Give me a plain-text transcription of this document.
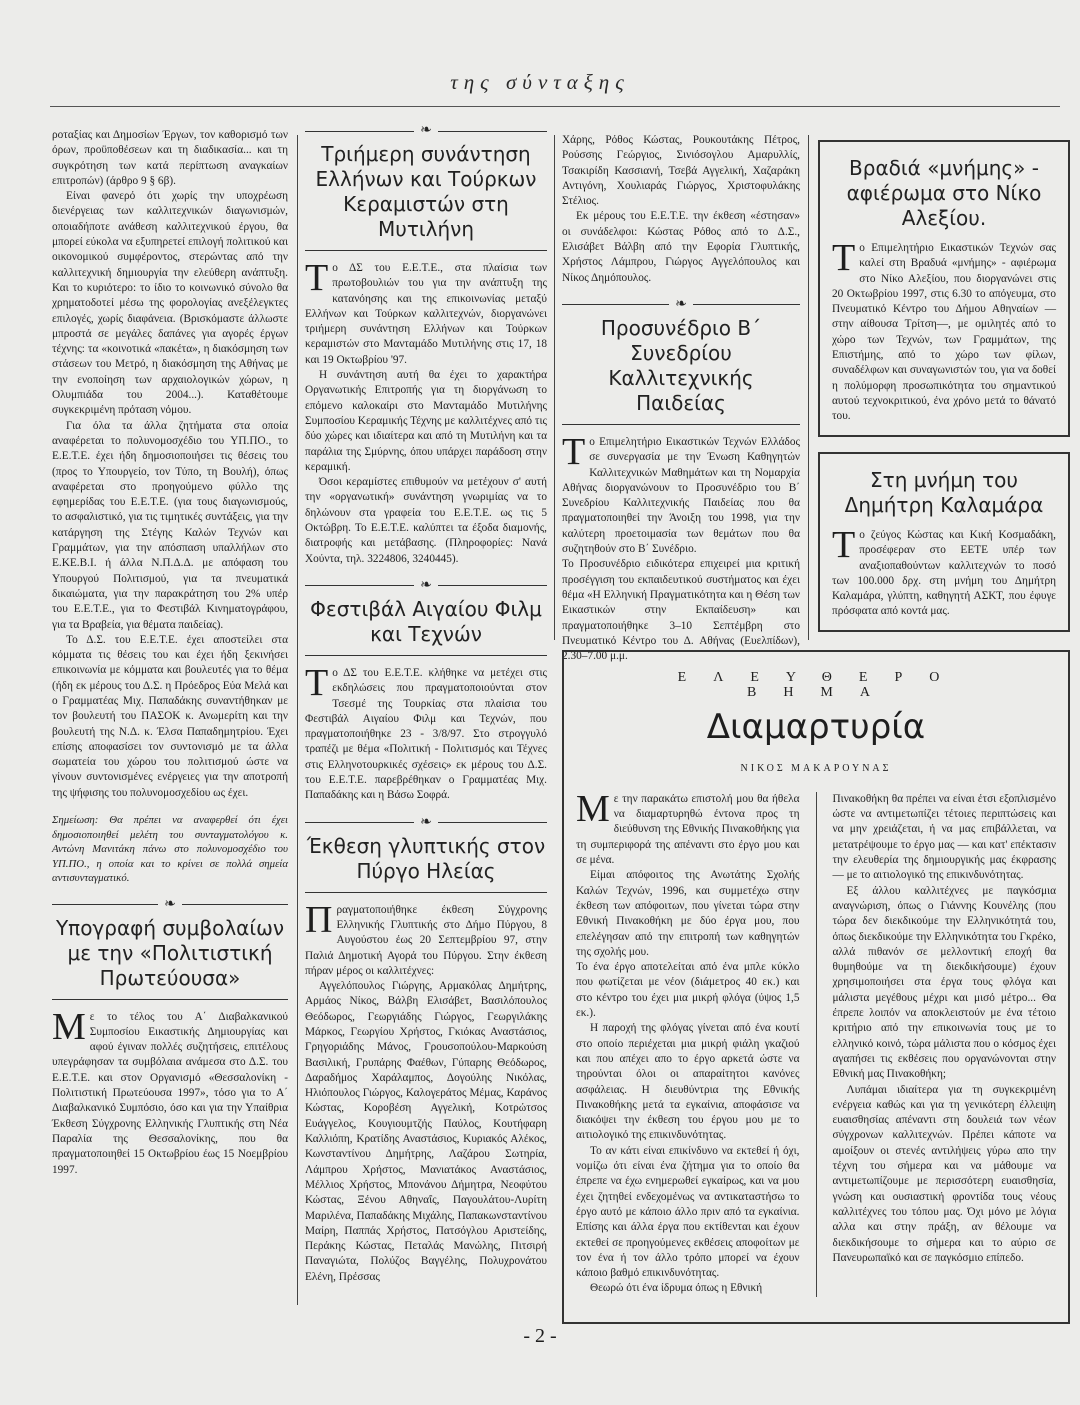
της σύνταξης

ροταξίας και Δημοσίων Έργων, τον καθορισμό των όρων, προϋποθέσεων και τη διαδικασία... και τη συγκρότηση των κατά περίπτωση αναγκαίων επιτροπών) (άρθρο 9 § 6β).

Είναι φανερό ότι χωρίς την υποχρέωση διενέργειας των καλλιτεχνικών διαγωνισμών, οποιαδήποτε ανάθεση καλλιτεχνικού έργου, θα μπορεί εύκολα να εξυπηρετεί επιλογή πολιτικού και οικονομικού συμφέροντος, στερώντας από την καλλιτεχνική δημιουργία την ελεύθερη ανάπτυξη. Και το κυριότερο: το ίδιο το κοινωνικό σύνολο θα χρηματοδοτεί μέσω της φορολογίας ανεξέλεγκτες επιλογές, χωρίς διαφάνεια. (Βρισκόμαστε άλλωστε μπροστά σε μεγάλες δαπάνες για αγορές έργων τέχνης: τα «κοινοτικά «πακέτα», η διακόσμηση των στάσεων του Μετρό, η διακόσμηση της Αθήνας με την ενοποίηση των αρχαιολογικών χώρων, η Ολυμπιάδα του 2004...). Καταθέτουμε συγκεκριμένη πρόταση νόμου.

Για όλα τα άλλα ζητήματα στα οποία αναφέρεται το πολυνομοσχέδιο του ΥΠ.ΠΟ., το Ε.Ε.Τ.Ε. έχει ήδη δημοσιοποιήσει τις θέσεις του (προς το Υπουργείο, τον Τύπο, τη Βουλή), όπως αναφέρεται στο προηγούμενο φύλλο της εφημερίδας του Ε.Ε.Τ.Ε. (για τους διαγωνισμούς, το ασφαλιστικό, για τις τιμητικές συντάξεις, για την κατάργηση της Στέγης Καλών Τεχνών και Γραμμάτων, για την απόσπαση υπαλλήλων στο Ε.ΚΕ.Β.Ι. ή άλλα Ν.Π.Δ.Δ. με απόφαση του Υπουργού Πολιτισμού, για τα πνευματικά δικαιώματα, για την παρακράτηση του 2% υπέρ του Ε.Ε.Τ.Ε., για το Φεστιβάλ Κινηματογράφου, για τα Βραβεία, για θέματα παιδείας).

Το Δ.Σ. του Ε.Ε.Τ.Ε. έχει αποστείλει στα κόμματα τις θέσεις του και έχει ήδη ξεκινήσει επικοινωνία με κόμματα και βουλευτές για το θέμα (ήδη εκ μέρους του Δ.Σ. η Πρόεδρος Εύα Μελά και ο Γραμματέας Μιχ. Παπαδάκης συναντήθηκαν με τον βουλευτή του ΠΑΣΟΚ κ. Ανωμερίτη και την βουλευτή της Ν.Δ. κ. Έλσα Παπαδημητρίου. Έχει επίσης αποφασίσει τον συντονισμό με τα άλλα σωματεία του χώρου του πολιτισμού ώστε να γίνουν συντονισμένες ενέργειες για την αποτροπή της ψήφισης του πολυνομοσχεδίου ως έχει.

Σημείωση: Θα πρέπει να αναφερθεί ότι έχει δημοσιοποιηθεί μελέτη του συνταγματολόγου κ. Αντώνη Μανιτάκη πάνω στο πολυνομοσχέδιο του ΥΠ.ΠΟ., η οποία και το κρίνει σε πολλά σημεία αντισυνταγματικό.
❧
Υπογραφή συμβολαίων με την «Πολιτιστική Πρωτεύουσα»

Με το τέλος του Α΄ Διαβαλκανικού Συμποσίου Εικαστικής Δημιουργίας και αφού έγιναν πολλές συζητήσεις, επιτέλους υπεγράφησαν τα συμβόλαια ανάμεσα στο Δ.Σ. του Ε.Ε.Τ.Ε. και στον Οργανισμό «Θεσσαλονίκη - Πολιτιστική Πρωτεύουσα 1997», τόσο για το Α΄ Διαβαλκανικό Συμπόσιο, όσο και για την Υπαίθρια Έκθεση Σύγχρονης Ελληνικής Γλυπτικής στη Νέα Παραλία της Θεσσαλονίκης, που θα πραγματοποιηθεί 15 Οκτωβρίου έως 15 Νοεμβρίου 1997.

❧
Τριήμερη συνάντηση Ελλήνων και Τούρκων Κεραμιστών στη Μυτιλήνη

Το ΔΣ του Ε.Ε.Τ.Ε., στα πλαίσια των πρωτοβουλιών του για την ανάπτυξη της κατανόησης και της επικοινωνίας μεταξύ Ελλήνων και Τούρκων καλλιτεχνών, διοργανώνει τριήμερη συνάντηση Ελλήνων και Τούρκων κεραμιστών στο Μανταμάδο Μυτιλήνης στις 17, 18 και 19 Οκτωβρίου '97.

Η συνάντηση αυτή θα έχει το χαρακτήρα Οργανωτικής Επιτροπής για τη διοργάνωση το επόμενο καλοκαίρι στο Μανταμάδο Μυτιλήνης Συμποσίου Κεραμικής Τέχνης με καλλιτέχνες από τις δύο χώρες και ιδιαίτερα και από τη Μυτιλήνη και τα παράλια της Σμύρνης, όπου υπάρχει παράδοση στην κεραμική.

Όσοι κεραμίστες επιθυμούν να μετέχουν σ' αυτή την «οργανωτική» συνάντηση γνωριμίας να το δηλώνουν στα γραφεία του Ε.Ε.Τ.Ε. ως τις 5 Οκτώβρη. Το Ε.Ε.Τ.Ε. καλύπτει τα έξοδα διαμονής, διατροφής και μετάβασης. (Πληροφορίες: Νανά Χούντα, τηλ. 3224806, 3240445).

❧
Φεστιβάλ Αιγαίου Φιλμ και Τεχνών

Το ΔΣ του Ε.Ε.Τ.Ε. κλήθηκε να μετέχει στις εκδηλώσεις που πραγματοποιούνται στον Τσεσμέ της Τουρκίας στα πλαίσια του Φεστιβάλ Αιγαίου Φιλμ και Τεχνών, που πραγματοποιήθηκε 23 - 3/8/97. Στο στρογγυλό τραπέζι με θέμα «Πολιτική - Πολιτισμός και Τέχνες στις Ελληνοτουρκικές σχέσεις» εκ μέρους του Δ.Σ. του Ε.Ε.Τ.Ε. παρεβρέθηκαν ο Γραμματέας Μιχ. Παπαδάκης και η Βάσω Σοφρά.

❧
Έκθεση γλυπτικής στον Πύργο Ηλείας

Πραγματοποιήθηκε έκθεση Σύγχρονης Ελληνικής Γλυπτικής στο Δήμο Πύργου, 8 Αυγούστου έως 20 Σεπτεμβρίου 97, στην Παλιά Δημοτική Αγορά του Πύργου. Στην έκθεση πήραν μέρος οι καλλιτέχνες:

Αγγελόπουλος Γιώργης, Αρμακόλας Δημήτρης, Αρμάος Νίκος, Βάλβη Ελισάβετ, Βασιλόπουλος Θεόδωρος, Γεωργιάδης Γιώργος, Γεωργιλάκης Μάρκος, Γεωργίου Χρήστος, Γκιόκας Αναστάσιος, Γρηγοριάδης Μάνος, Γρουσοπούλου-Μαρκούση Βασιλική, Γρυπάρης Φαέθων, Γύπαρης Θεόδωρος, Δαραδήμος Χαράλαμπος, Δογούλης Νικόλας, Ηλιόπουλος Γιώργος, Καλογεράτος Μέμας, Καράνος Κώστας, Κοροβέση Αγγελική, Κοτρώτσος Ευάγγελος, Κουγιουμτζής Παύλος, Κουτήφαρη Καλλιόπη, Κρατίδης Αναστάσιος, Κυριακός Αλέκος, Κωνσταντίνου Δημήτρης, Λαζάρου Σωτηρία, Λάμπρου Χρήστος, Μανιατάκος Αναστάσιος, Μέλλιος Χρήστος, Μπονάνου Δήμητρα, Νεοφύτου Κώστας, Ξένου Αθηναΐς, Παγουλάτου-Λυρίτη Μαριλένα, Παπαδάκης Μιχάλης, Παπακωνσταντίνου Μαίρη, Παππάς Χρήστος, Πατσόγλου Αριστείδης, Περάκης Κώστας, Πεταλάς Μανώλης, Πιτσιρή Παναγιώτα, Πολύζος Βαγγέλης, Πολυχρονάτου Ελένη, Πρέσσας

Χάρης, Ρόθος Κώστας, Ρουκουτάκης Πέτρος, Ρούσσης Γεώργιος, Σινιόσογλου Αμαρυλλίς, Τσακιρίδη Κασσιανή, Τσεβά Αγγελική, Χαζαράκη Αντιγόνη, Χουλιαράς Γιώργος, Χριστοφυλάκης Στέλιος.

Εκ μέρους του Ε.Ε.Τ.Ε. την έκθεση «έστησαν» οι συνάδελφοι: Κώστας Ρόθος από το Δ.Σ., Ελισάβετ Βάλβη από την Εφορία Γλυπτικής, Χρήστος Λάμπρου, Γιώργος Αγγελόπουλος και Νίκος Δημόπουλος.

❧
Προσυνέδριο Β΄ Συνεδρίου Καλλιτεχνικής Παιδείας

Το Επιμελητήριο Εικαστικών Τεχνών Ελλάδος σε συνεργασία με την Ένωση Καθηγητών Καλλιτεχνικών Μαθημάτων και τη Νομαρχία Αθήνας διοργανώνουν το Προσυνέδριο του Β΄ Συνεδρίου Καλλιτεχνικής Παιδείας που θα πραγματοποιηθεί την Άνοιξη του 1998, για την καλύτερη προετοιμασία των θεμάτων που θα συζητηθούν στο Β΄ Συνέδριο.

Το Προσυνέδριο ειδικότερα επιχειρεί μια κριτική προσέγγιση του εκπαιδευτικού συστήματος και έχει θέμα «Η Ελληνική Πραγματικότητα και η Θέση των Εικαστικών στην Εκπαίδευση» και πραγματοποιήθηκε 3–10 Σεπτέμβρη στο Πνευματικό Κέντρο του Δ. Αθήνας (Ευελπίδων), 2.30–7.00 μ.μ.

Βραδιά «μνήμης» - αφιέρωμα στο Νίκο Αλεξίου.

Το Επιμελητήριο Εικαστικών Τεχνών σας καλεί στη Βραδυά «μνήμης» - αφιέρωμα στο Νίκο Αλεξίου, που διοργανώνει στις 20 Οκτωβρίου 1997, στις 6.30 το απόγευμα, στο Πνευματικό Κέντρο του Δήμου Αθηναίων —στην αίθουσα Τρίτση—, με ομιλητές από το χώρο των Τεχνών, των Γραμμάτων, της Επιστήμης, από το χώρο των φίλων, συναδέλφων και συναγωνιστών του, για να δοθεί η πολύμορφη προσωπικότητα του σημαντικού αυτού τεχνοκριτικού, ένα χρόνο μετά το θάνατό του.

Στη μνήμη του Δημήτρη Καλαμάρα

Το ζεύγος Κώστας και Κική Κοσμαδάκη, προσέφεραν στο ΕΕΤΕ υπέρ των αναξιοπαθούντων καλλιτεχνών το ποσό των 100.000 δρχ. στη μνήμη του Δημήτρη Καλαμάρα, γλύπτη, καθηγητή ΑΣΚΤ, που έφυγε πρόσφατα από κοντά μας.

ΕΛΕΥΘΕΡΟ ΒΗΜΑ
Διαμαρτυρία
ΝΙΚΟΣ ΜΑΚΑΡΟΥΝΑΣ

Με την παρακάτω επιστολή μου θα ήθελα να διαμαρτυρηθώ έντονα προς τη διεύθυνση της Εθνικής Πινακοθήκης για τη συμπεριφορά της απέναντι στο έργο μου και σε μένα.

Είμαι απόφοιτος της Ανωτάτης Σχολής Καλών Τεχνών, 1996, και συμμετέχω στην έκθεση των απόφοιτων, που γίνεται τώρα στην Εθνική Πινακοθήκη με δύο έργα μου, που επελέγησαν από την επιτροπή των καθηγητών της σχολής μου.

Το ένα έργο αποτελείται από ένα μπλε κύκλο που φωτίζεται με νέον (διάμετρος 40 εκ.) και στο κέντρο του έχει μια μικρή φλόγα (ύψος 1,5 εκ.).

Η παροχή της φλόγας γίνεται από ένα κουτί στο οποίο περιέχεται μια μικρή φιάλη γκαζιού και που απέχει απο το έργο αρκετά ώστε να τηρούνται όλοι οι απαραίτητοι κανόνες ασφάλειας. Η διευθύντρια της Εθνικής Πινακοθήκης μετά τα εγκαίνια, αποφάσισε να διακόψει την έκθεση του έργου μου με το αιτιολογικό της επικινδυνότητας.

Το αν κάτι είναι επικίνδυνο να εκτεθεί ή όχι, νομίζω ότι είναι ένα ζήτημα για το οποίο θα έπρεπε να έχω ενημερωθεί εγκαίρως, και να μου έχει ζητηθεί ενδεχομένως να αντικαταστήσω το έργο αυτό με κάποιο άλλο πριν από τα εγκαίνια. Επίσης και άλλα έργα που εκτίθενται και έχουν εκτεθεί σε προηγούμενες εκθέσεις αποφοίτων με τον ένα ή τον άλλο τρόπο μπορεί να έχουν κάποιο βαθμό επικινδυνότητας.

Θεωρώ ότι ένα ίδρυμα όπως η Εθνική

Πινακοθήκη θα πρέπει να είναι έτσι εξοπλισμένο ώστε να αντιμετωπίζει τέτοιες περιπτώσεις και να μην χρειάζεται, ή να μας επιβάλλεται, να μετατρέψουμε το έργο μας — και κατ' επέκτασιν την ελευθερία της δημιουργικής μας έκφρασης — με το αιτιολογικό της επικινδυνότητας.

Εξ άλλου καλλιτέχνες με παγκόσμια αναγνώριση, όπως ο Γιάννης Κουνέλης (που τώρα δεν διεκδικούμε την Ελληνικότητά του, όπως διεκδικούμε την Ελληνικότητα του Γκρέκο, αλλά πιθανόν σε μελλοντική εποχή θα θυμηθούμε να τη διεκδικήσουμε) έχουν χρησιμοποιήσει στα έργα τους φλόγα και μάλιστα μεγέθους μέχρι και μισό μέτρο... Θα έπρεπε λοιπόν να αποκλειστούν με ένα τέτοιο κριτήριο από την επικοινωνία τους με το ελληνικό κοινό, τώρα μάλιστα που ο κόσμος έχει αγαπήσει τις εκθέσεις που οργανώνονται στην Εθνική μας Πινακοθήκη;

Λυπάμαι ιδιαίτερα για τη συγκεκριμένη ενέργεια καθώς και για τη γενικότερη έλλειψη ευαισθησίας απέναντι στη δουλειά των νέων σύγχρονων καλλιτεχνών. Πρέπει κάποτε να αμοίξουν οι στενές αντιλήψεις γύρω απο την τέχνη του σήμερα και να μάθουμε να αντιμετωπίζουμε με περισσότερη ευαισθησία, γνώση και ουσιαστική φροντίδα τους νέους καλλιτέχνες του τόπου μας. Όχι μόνο με λόγια αλλα και στην πράξη, αν θέλουμε να διεκδικήσουμε το σήμερα και το αύριο σε Πανευρωπαϊκό και σε παγκόσμιο επίπεδο.

- 2 -
